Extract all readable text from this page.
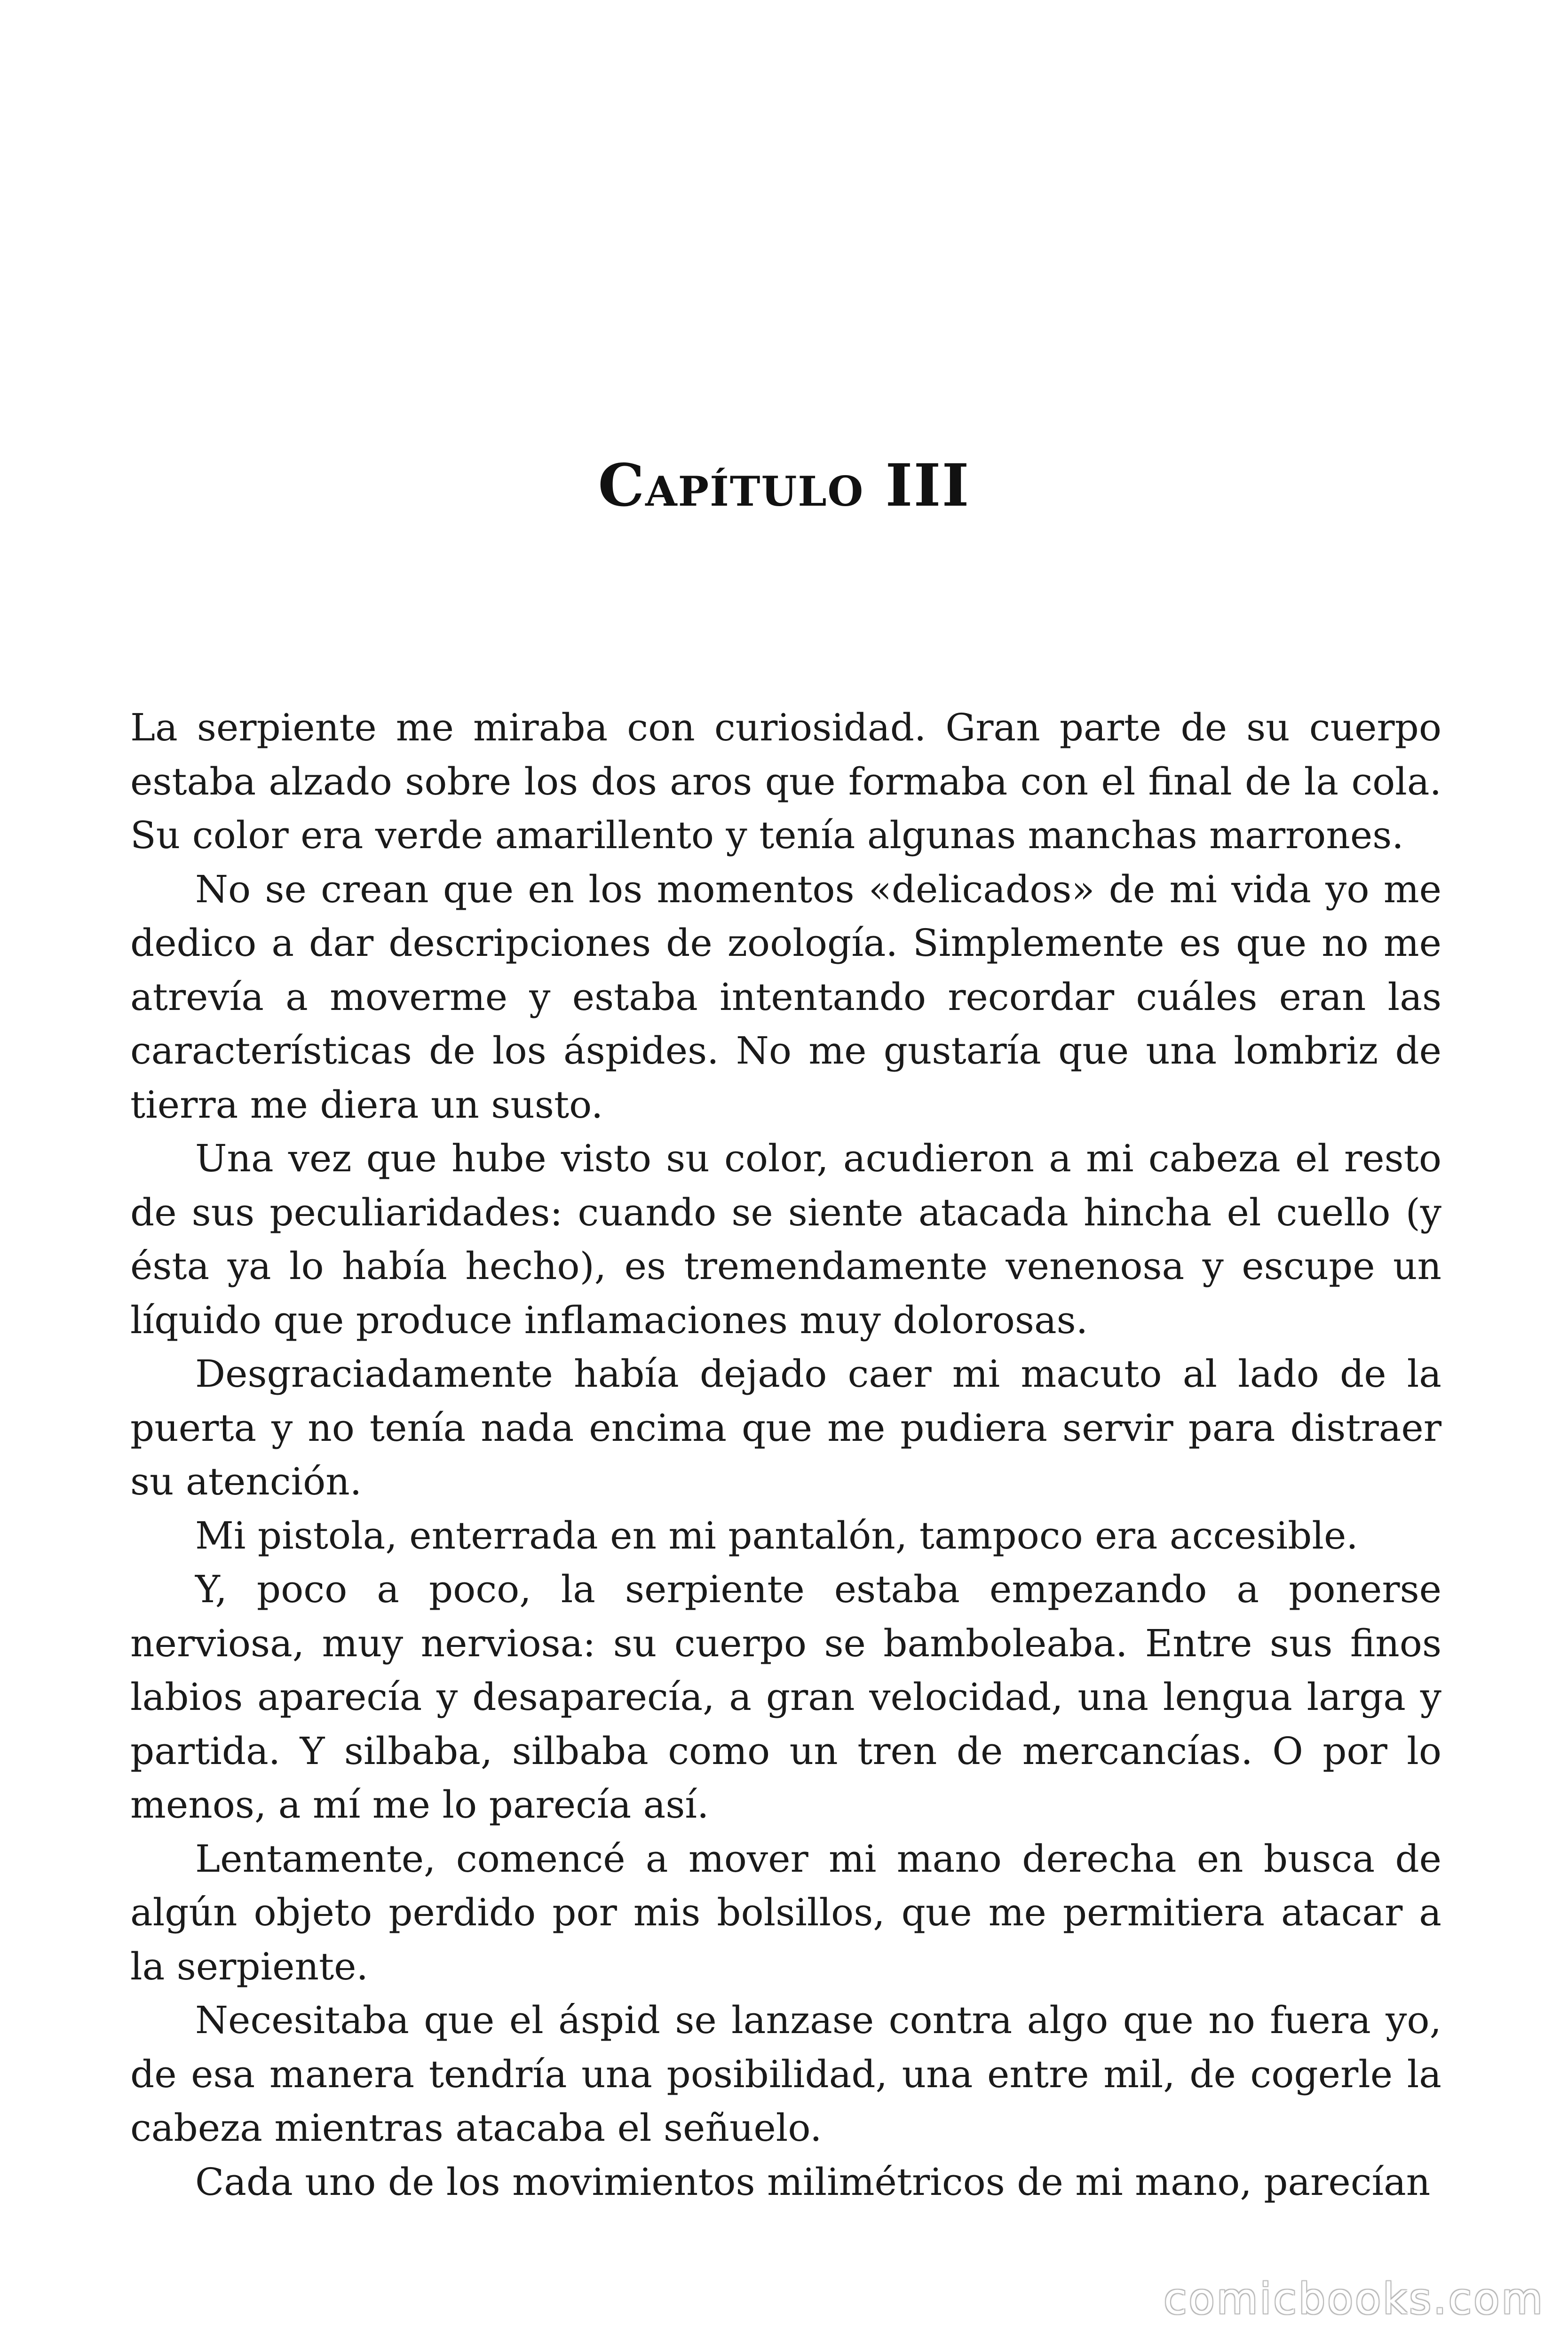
Capítulo III

La serpiente me miraba con curiosidad. Gran parte de su cuerpo estaba alzado sobre los dos aros que formaba con el final de la cola. Su color era verde amarillento y tenía algunas manchas marrones.

No se crean que en los momentos «delicados» de mi vida yo me dedico a dar descripciones de zoología. Simplemente es que no me atrevía a moverme y estaba intentando recordar cuáles eran las características de los áspides. No me gustaría que una lombriz de tierra me diera un susto.

Una vez que hube visto su color, acudieron a mi cabeza el resto de sus peculiaridades: cuando se siente atacada hincha el cuello (y ésta ya lo había hecho), es tremendamente venenosa y escupe un líquido que produce inflamaciones muy dolorosas.

Desgraciadamente había dejado caer mi macuto al lado de la puerta y no tenía nada encima que me pudiera servir para distraer su atención.

Mi pistola, enterrada en mi pantalón, tampoco era accesible.

Y, poco a poco, la serpiente estaba empezando a ponerse nerviosa, muy nerviosa: su cuerpo se bamboleaba. Entre sus finos labios aparecía y desaparecía, a gran velocidad, una lengua larga y partida. Y silbaba, silbaba como un tren de mercancías. O por lo menos, a mí me lo parecía así.

Lentamente, comencé a mover mi mano derecha en busca de algún objeto perdido por mis bolsillos, que me permitiera atacar a la serpiente.

Necesitaba que el áspid se lanzase contra algo que no fuera yo, de esa manera tendría una posibilidad, una entre mil, de cogerle la cabeza mientras atacaba el señuelo.

Cada uno de los movimientos milimétricos de mi mano, parecían

comicbooks.com
